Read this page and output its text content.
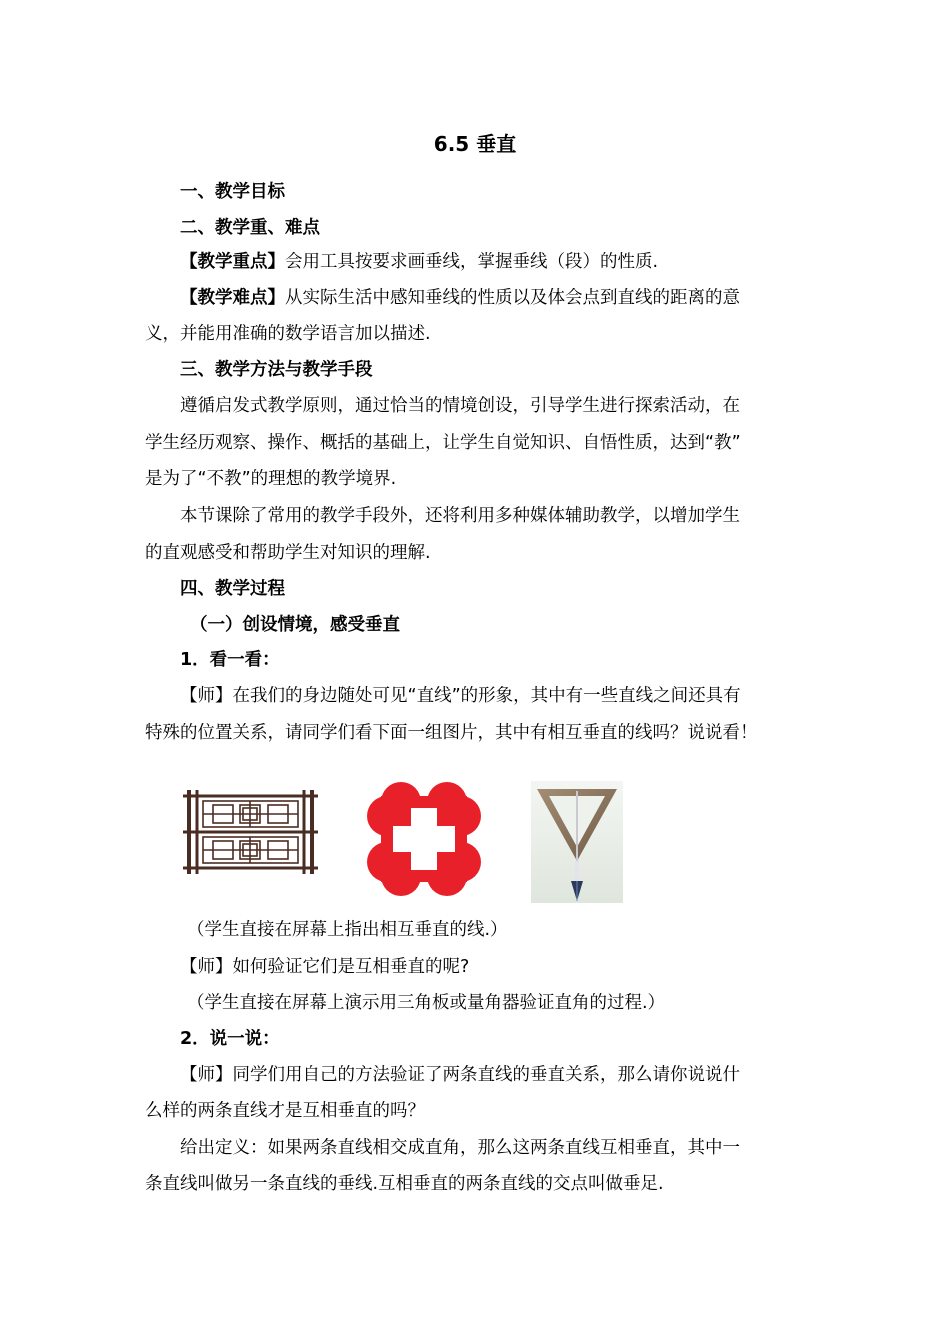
6.5 垂直
一、教学目标
二、教学重、难点
【教学重点】会用工具按要求画垂线，掌握垂线（段）的性质.
【教学难点】从实际生活中感知垂线的性质以及体会点到直线的距离的意
义，并能用准确的数学语言加以描述.
三、教学方法与教学手段
遵循启发式教学原则，通过恰当的情境创设，引导学生进行探索活动，在
学生经历观察、操作、概括的基础上，让学生自觉知识、自悟性质，达到“教”
是为了“不教”的理想的教学境界.
本节课除了常用的教学手段外，还将利用多种媒体辅助教学，以增加学生
的直观感受和帮助学生对知识的理解.
四、教学过程
（一）创设情境，感受垂直
1．看一看：
【师】在我们的身边随处可见“直线”的形象，其中有一些直线之间还具有
特殊的位置关系，请同学们看下面一组图片，其中有相互垂直的线吗？说说看！
（学生直接在屏幕上指出相互垂直的线.）
【师】如何验证它们是互相垂直的呢?
（学生直接在屏幕上演示用三角板或量角器验证直角的过程.）
2．说一说：
【师】同学们用自己的方法验证了两条直线的垂直关系，那么请你说说什
么样的两条直线才是互相垂直的吗？
给出定义：如果两条直线相交成直角，那么这两条直线互相垂直，其中一
条直线叫做另一条直线的垂线.互相垂直的两条直线的交点叫做垂足.
